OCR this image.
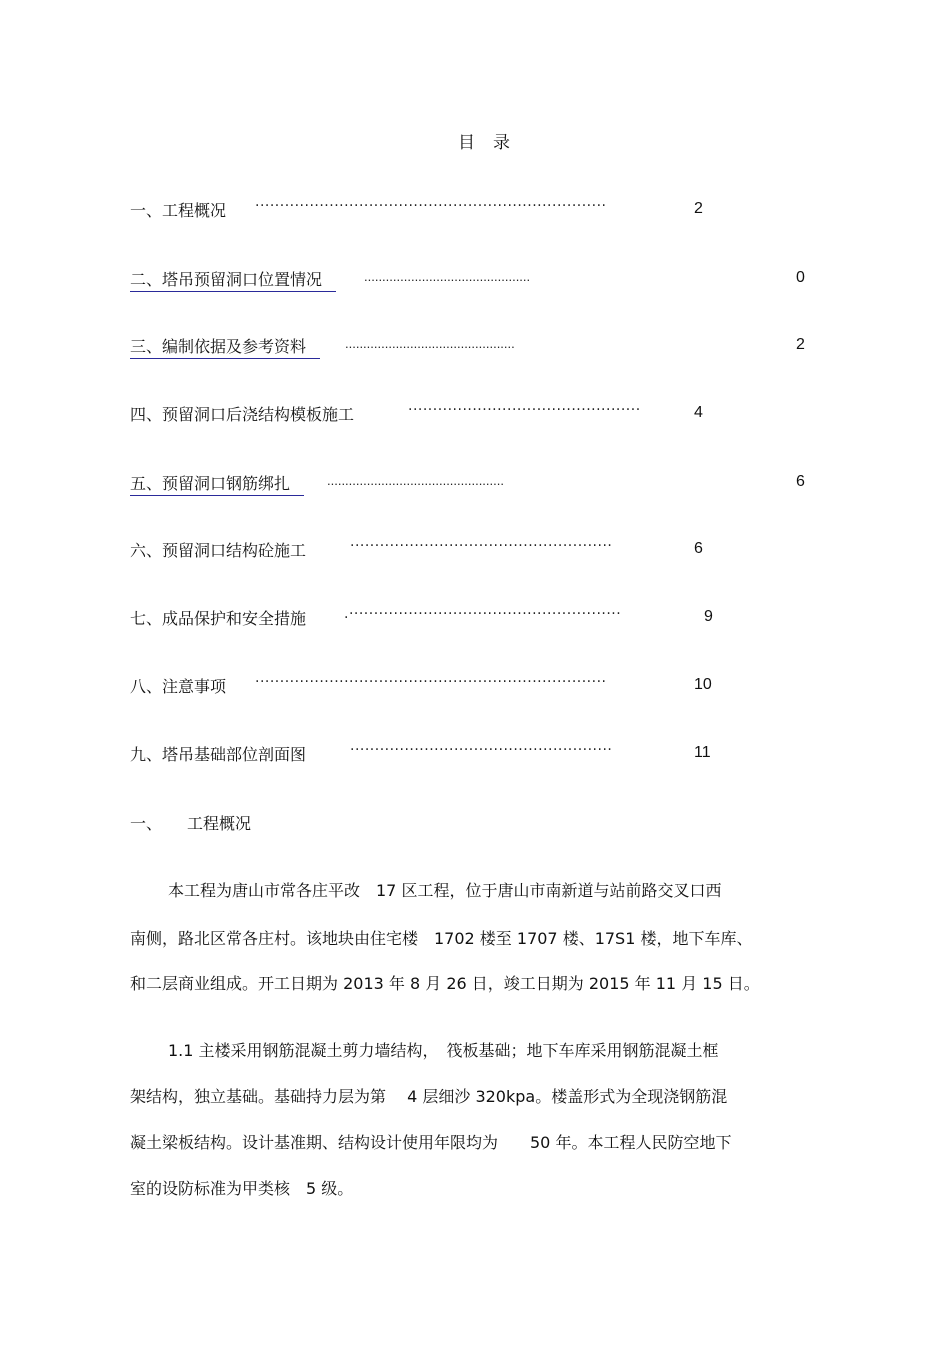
目录
一、工程概况 ·······································································	2
二、塔吊预留洞口位置情况	..............................................	0
三、编制依据及参考资料	...............................................	2
四、预留洞口后浇结构模板施工	···············································	4
五、预留洞口钢筋绑扎	.................................................	6
六、预留洞口结构砼施工	·····················································	6
七、成品保护和安全措施	.·······················································	9
八、注意事项 ·······································································	10
九、塔吊基础部位剖面图	·····················································	11
一、 工程概况
本工程为唐山市常各庄平改　17 区工程，位于唐山市南新道与站前路交叉口西
南侧，路北区常各庄村。该地块由住宅楼　1702 楼至 1707 楼、17S1 楼，地下车库、
和二层商业组成。开工日期为 2013 年 8 月 26 日，竣工日期为 2015 年 11 月 15 日。
1.1 主楼采用钢筋混凝土剪力墙结构，　筏板基础；地下车库采用钢筋混凝土框
架结构，独立基础。基础持力层为第　 4 层细沙 320kpa。楼盖形式为全现浇钢筋混
凝土梁板结构。设计基准期、结构设计使用年限均为　　50 年。本工程人民防空地下
室的设防标准为甲类核　5 级。
